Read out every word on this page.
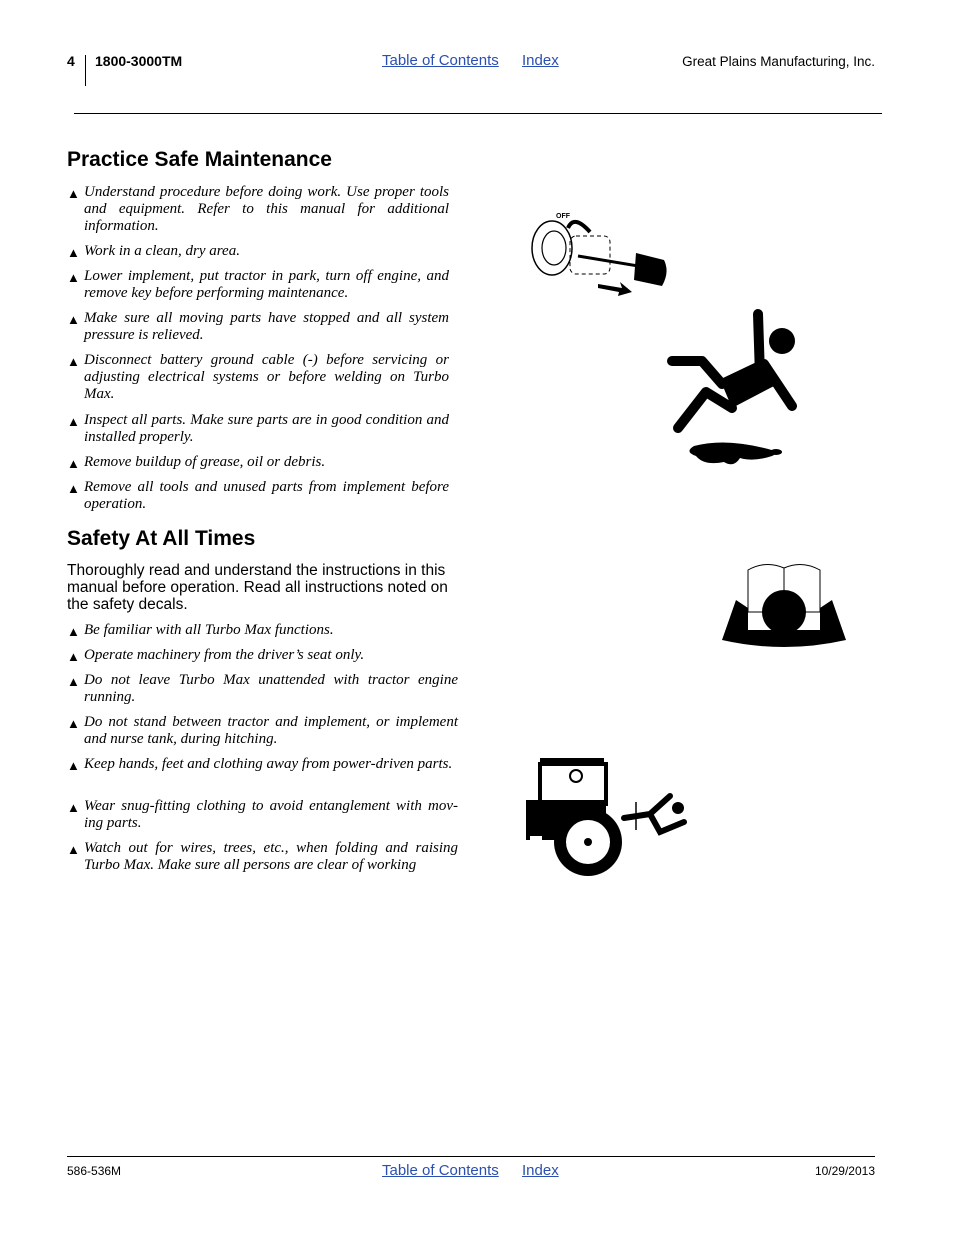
4 1800-3000TM	Table of Contents Index	Great Plains Manufacturing, Inc.
Practice Safe Maintenance
▲ Understand procedure before doing work. Use proper tools and equipment. Refer to this manual for additional information.
▲ Work in a clean, dry area.
▲ Lower implement, put tractor in park, turn off engine, and remove key before performing maintenance.
▲ Make sure all moving parts have stopped and all system pressure is relieved.
▲ Disconnect battery ground cable (-) before servicing or adjusting electrical systems or before welding on Turbo Max.
▲ Inspect all parts. Make sure parts are in good condition and installed properly.
▲ Remove buildup of grease, oil or debris.
▲ Remove all tools and unused parts from implement before operation.
Safety At All Times
Thoroughly read and understand the instructions in this manual before operation. Read all instructions noted on the safety decals.
▲ Be familiar with all Turbo Max functions.
▲ Operate machinery from the driver’s seat only.
▲ Do not leave Turbo Max unattended with tractor engine running.
▲ Do not stand between tractor and implement, or implement and nurse tank, during hitching.
▲ Keep hands, feet and clothing away from power-driven parts.
▲ Wear snug-fitting clothing to avoid entanglement with mov-ing parts.
▲ Watch out for wires, trees, etc., when folding and raising Turbo Max. Make sure all persons are clear of working
OFF
586-536M	Table of Contents Index	10/29/2013
